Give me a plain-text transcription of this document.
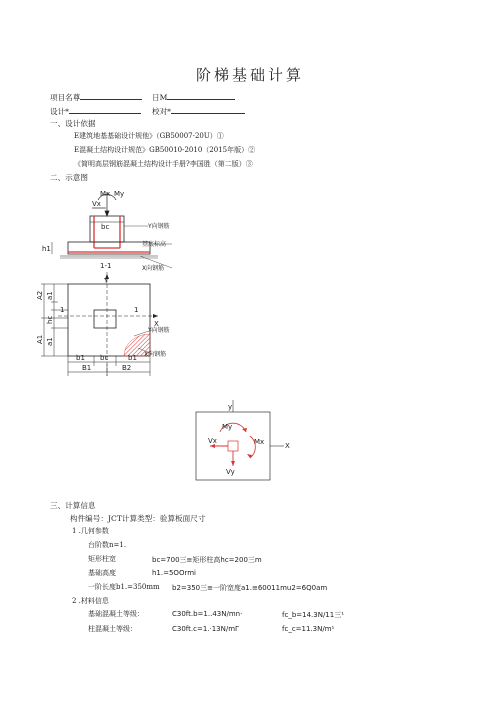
阶梯基础计算
项目名尊	日M
设计*	校对*
一、设计依据
E建筑地基基础设计规他》（GB50007-20U）①
E混凝土结构设计规范》GB50010-2010（2015年版）②
《简明高层钢筋混凝土结构设计手册?李国胜（第二版）③
二、示意图
Vx
Mx My
bc
h1
Y向钢筋
基底标高
X向钢筋
1-1
Y
X
1	1
A2 a1
hc
a1
A1
b1 bc	b1
B1	B2
Y向钢筋
X向钢筋
y
My
Vx	Mx	X
Vy
三、计算信息
构件编号：JCT计算类型：验算板面尺寸
1 .几何参数
台阶数n=1.
矩形柱宽	bc=700三≡矩形柱高hc=200三m
基础高度	h1.=5OOrmi
一阶长度b1.=350mm b2=350三≡一阶宽度a1.≡60011mu2=6Q0am
2 .材料信息
基础混凝土等级：	C30ft.b=1..43N/mn·	fc_b=14.3N/11三¹
柱混凝土等级：	C30ft.c=1.·13N/mΓ	fc_c=11.3N/m¹
